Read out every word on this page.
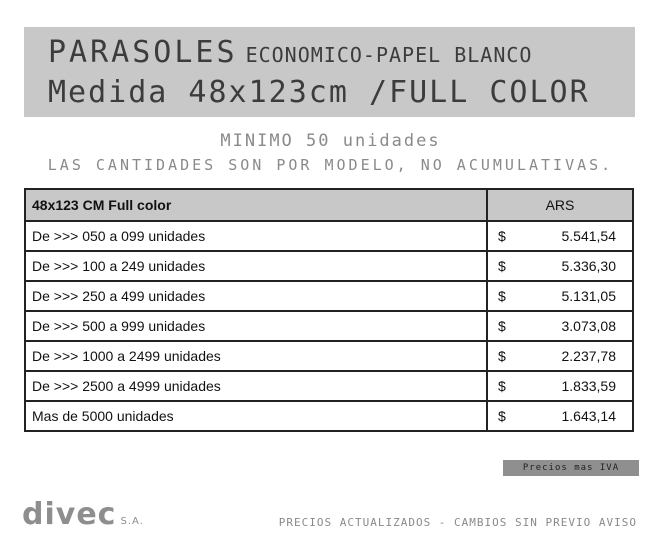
PARASOLES ECONOMICO-PAPEL BLANCO
Medida 48x123cm /FULL COLOR
MINIMO 50 unidades
LAS CANTIDADES SON POR MODELO, NO ACUMULATIVAS.
48x123 CM Full color	ARS
De >>> 050 a 099 unidades	$ 5.541,54

De >>> 100 a 249 unidades	$ 5.336,30

De >>> 250 a 499 unidades	$ 5.131,05

De >>> 500 a 999 unidades	$ 3.073,08

De >>> 1000 a 2499 unidades	$ 2.237,78

De >>> 2500 a 4999 unidades	$ 1.833,59

Mas de 5000 unidades	$ 1.643,14
Precios mas IVA
divec S.A.	PRECIOS ACTUALIZADOS - CAMBIOS SIN PREVIO AVISO
